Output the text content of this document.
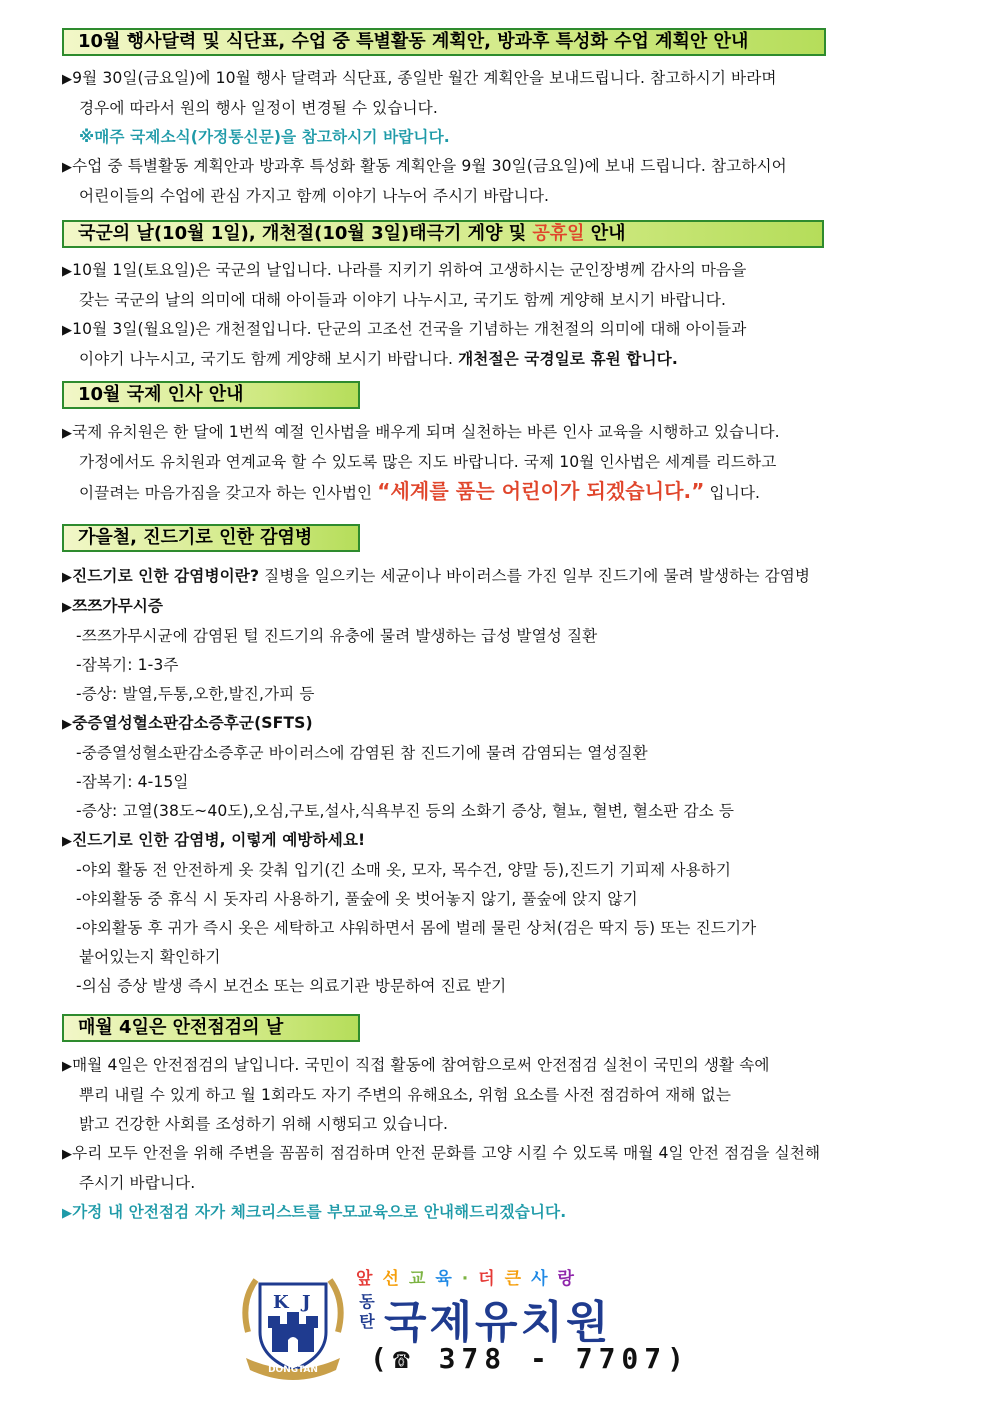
10월 행사달력 및 식단표, 수업 중 특별활동 계획안, 방과후 특성화 수업 계획안 안내
▶9월 30일(금요일)에 10월 행사 달력과 식단표, 종일반 월간 계획안을 보내드립니다. 참고하시기 바라며
경우에 따라서 원의 행사 일정이 변경될 수 있습니다.
※매주 국제소식(가정통신문)을 참고하시기 바랍니다.
▶수업 중 특별활동 계획안과 방과후 특성화 활동 계획안을 9월 30일(금요일)에 보내 드립니다. 참고하시어
어린이들의 수업에 관심 가지고 함께 이야기 나누어 주시기 바랍니다.
국군의 날(10월 1일), 개천절(10월 3일)태극기 게양 및 공휴일 안내
▶10월 1일(토요일)은 국군의 날입니다. 나라를 지키기 위하여 고생하시는 군인장병께 감사의 마음을
갖는 국군의 날의 의미에 대해 아이들과 이야기 나누시고, 국기도 함께 게양해 보시기 바랍니다.
▶10월 3일(월요일)은 개천절입니다. 단군의 고조선 건국을 기념하는 개천절의 의미에 대해 아이들과
이야기 나누시고, 국기도 함께 게양해 보시기 바랍니다. 개천절은 국경일로 휴원 합니다.
10월 국제 인사 안내
▶국제 유치원은 한 달에 1번씩 예절 인사법을 배우게 되며 실천하는 바른 인사 교육을 시행하고 있습니다.
가정에서도 유치원과 연계교육 할 수 있도록 많은 지도 바랍니다. 국제 10월 인사법은 세계를 리드하고
이끌려는 마음가짐을 갖고자 하는 인사법인 “세계를 품는 어린이가 되겠습니다.” 입니다.
가을철, 진드기로 인한 감염병
▶진드기로 인한 감염병이란? 질병을 일으키는 세균이나 바이러스를 가진 일부 진드기에 물려 발생하는 감염병
▶쯔쯔가무시증
-쯔쯔가무시균에 감염된 털 진드기의 유충에 물려 발생하는 급성 발열성 질환
-잠복기: 1-3주
-증상: 발열,두통,오한,발진,가피 등
▶중증열성혈소판감소증후군(SFTS)
-중증열성혈소판감소증후군 바이러스에 감염된 참 진드기에 물려 감염되는 열성질환
-잠복기: 4-15일
-증상: 고열(38도~40도),오심,구토,설사,식욕부진 등의 소화기 증상, 혈뇨, 혈변, 혈소판 감소 등
▶진드기로 인한 감염병, 이렇게 예방하세요!
-야외 활동 전 안전하게 옷 갖춰 입기(긴 소매 옷, 모자, 목수건, 양말 등),진드기 기피제 사용하기
-야외활동 중 휴식 시 돗자리 사용하기, 풀숲에 옷 벗어놓지 않기, 풀숲에 앉지 않기
-야외활동 후 귀가 즉시 옷은 세탁하고 샤워하면서 몸에 벌레 물린 상처(검은 딱지 등) 또는 진드기가
붙어있는지 확인하기
-의심 증상 발생 즉시 보건소 또는 의료기관 방문하여 진료 받기
매월 4일은 안전점검의 날
▶매월 4일은 안전점검의 날입니다. 국민이 직접 활동에 참여함으로써 안전점검 실천이 국민의 생활 속에
뿌리 내릴 수 있게 하고 월 1회라도 자기 주변의 유해요소, 위험 요소를 사전 점검하여 재해 없는
밝고 건강한 사회를 조성하기 위해 시행되고 있습니다.
▶우리 모두 안전을 위해 주변을 꼼꼼히 점검하며 안전 문화를 고양 시킬 수 있도록 매월 4일 안전 점검을 실천해
주시기 바랍니다.
▶가정 내 안전점검 자가 체크리스트를 부모교육으로 안내해드리겠습니다.
K J
DONGTAN
앞선교육·더큰사랑
동탄 국제유치원
(☎ 378 - 7707)
